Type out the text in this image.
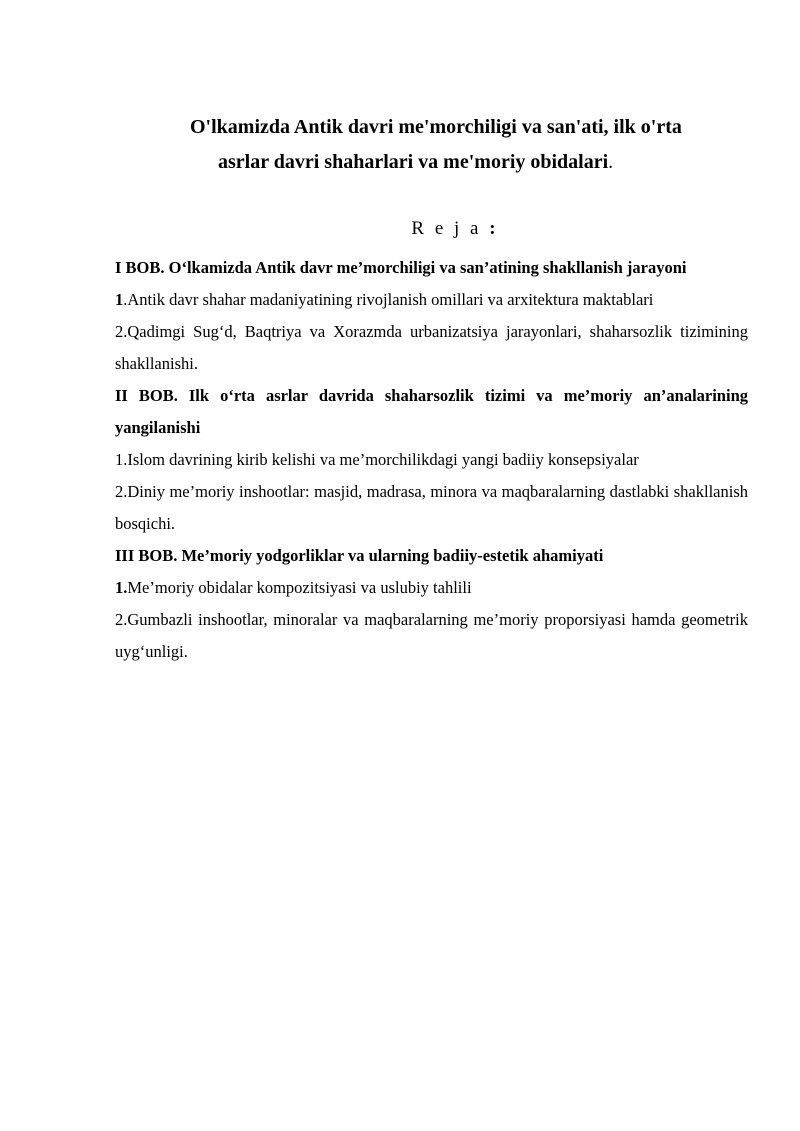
O'lkamizda Antik davri me'morchiligi va san'ati, ilk o'rta
asrlar davri shaharlari va me'moriy obidalari.
R e j a :

I BOB. O‘lkamizda Antik davr me’morchiligi va san’atining shakllanish jarayoni

1.Antik davr shahar madaniyatining rivojlanish omillari va arxitektura maktablari

2.Qadimgi Sug‘d, Baqtriya va Xorazmda urbanizatsiya jarayonlari, shaharsozlik tizimining shakllanishi.

II BOB. Ilk o‘rta asrlar davrida shaharsozlik tizimi va me’moriy an’analarining yangilanishi

1.Islom davrining kirib kelishi va me’morchilikdagi yangi badiiy konsepsiyalar

2.Diniy me’moriy inshootlar: masjid, madrasa, minora va maqbaralarning dastlabki shakllanish bosqichi.

III BOB. Me’moriy yodgorliklar va ularning badiiy-estetik ahamiyati

1.Me’moriy obidalar kompozitsiyasi va uslubiy tahlili

2.Gumbazli inshootlar, minoralar va maqbaralarning me’moriy proporsiyasi hamda geometrik uyg‘unligi.
